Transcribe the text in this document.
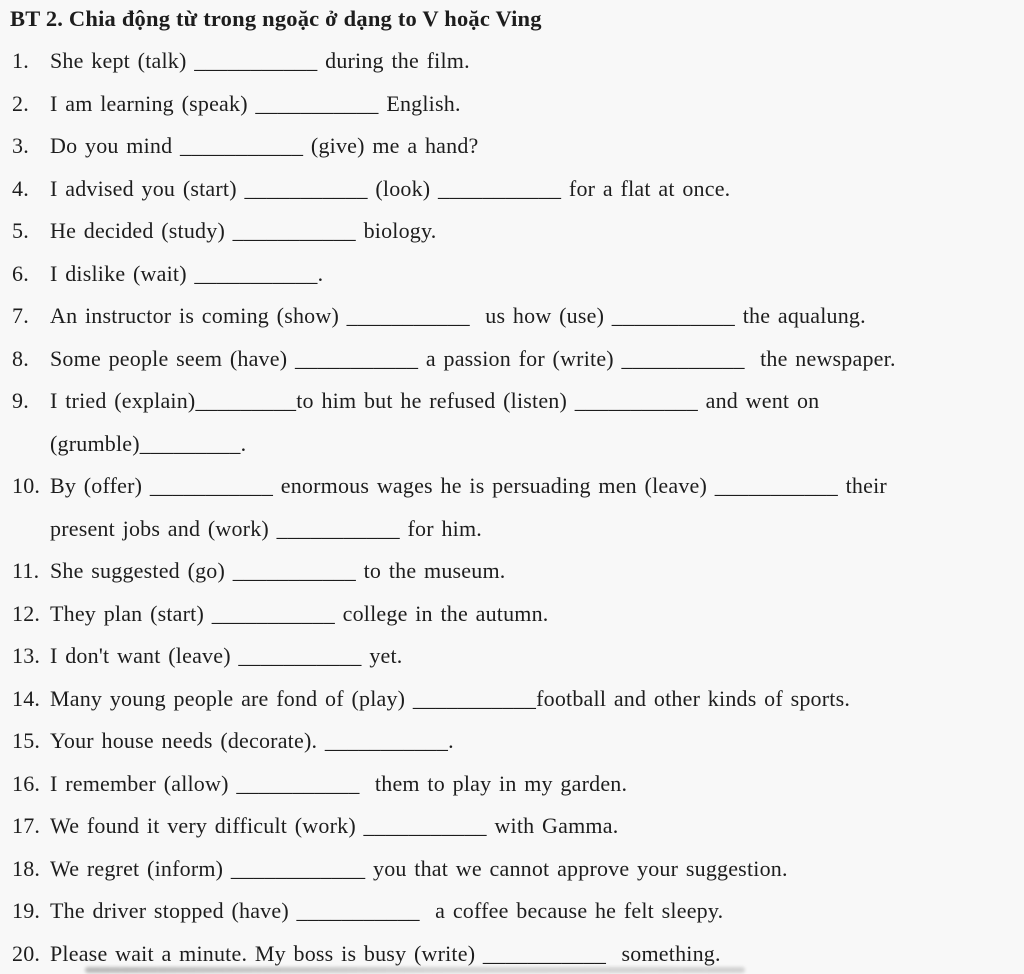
BT 2. Chia động từ trong ngoặc ở dạng to V hoặc Ving
1. She kept (talk) ___________ during the film.
2. I am learning (speak) ___________ English.
3. Do you mind ___________ (give) me a hand?
4. I advised you (start) ___________ (look) ___________ for a flat at once.
5. He decided (study) ___________ biology.
6. I dislike (wait) ___________.
7. An instructor is coming (show) ___________  us how (use) ___________ the aqualung.
8. Some people seem (have) ___________ a passion for (write) ___________  the newspaper.
9. I tried (explain)_________to him but he refused (listen) ___________ and went on
(grumble)_________.
10. By (offer) ___________ enormous wages he is persuading men (leave) ___________ their
present jobs and (work) ___________ for him.
11. She suggested (go) ___________ to the museum.
12. They plan (start) ___________ college in the autumn.
13. I don't want (leave) ___________ yet.
14. Many young people are fond of (play) ___________football and other kinds of sports.
15. Your house needs (decorate). ___________.
16. I remember (allow) ___________  them to play in my garden.
17. We found it very difficult (work) ___________ with Gamma.
18. We regret (inform) ____________ you that we cannot approve your suggestion.
19. The driver stopped (have) ___________  a coffee because he felt sleepy.
20. Please wait a minute. My boss is busy (write) ___________  something.
